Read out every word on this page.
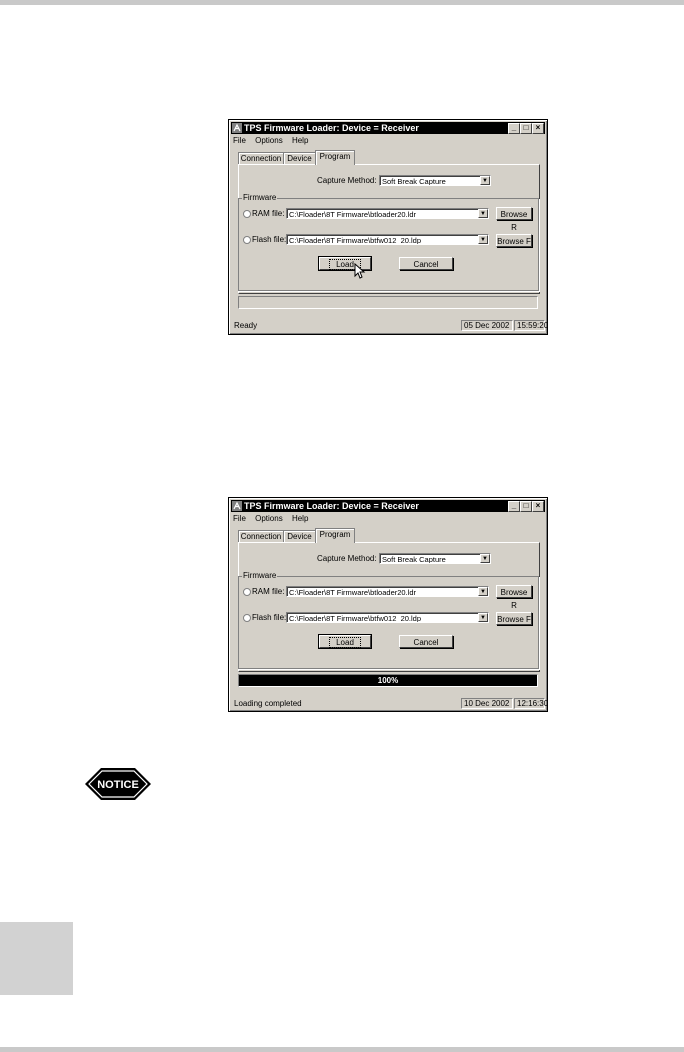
TPS Firmware Loader: Device = Receiver	_ □ ×
File Options Help
Connection Device Program
Capture Method: Soft Break Capture	▼
Firmware
RAM file: C:\Floader\8T Firmware\btloader20.ldr	▼	Browse R
Flash file: C:\Floader\8T Firmware\btfw012_20.ldp	▼ Browse F
Load	Cancel
Ready	05 Dec 2002 15:59:20
TPS Firmware Loader: Device = Receiver	_ □ ×
File Options Help
Connection Device Program
Capture Method: Soft Break Capture	▼
Firmware
RAM file: C:\Floader\8T Firmware\btloader20.ldr	▼	Browse R
Flash file: C:\Floader\8T Firmware\btfw012_20.ldp	▼ Browse F
Load	Cancel
100%
Loading completed	10 Dec 2002 12:16:30
NOTICE
